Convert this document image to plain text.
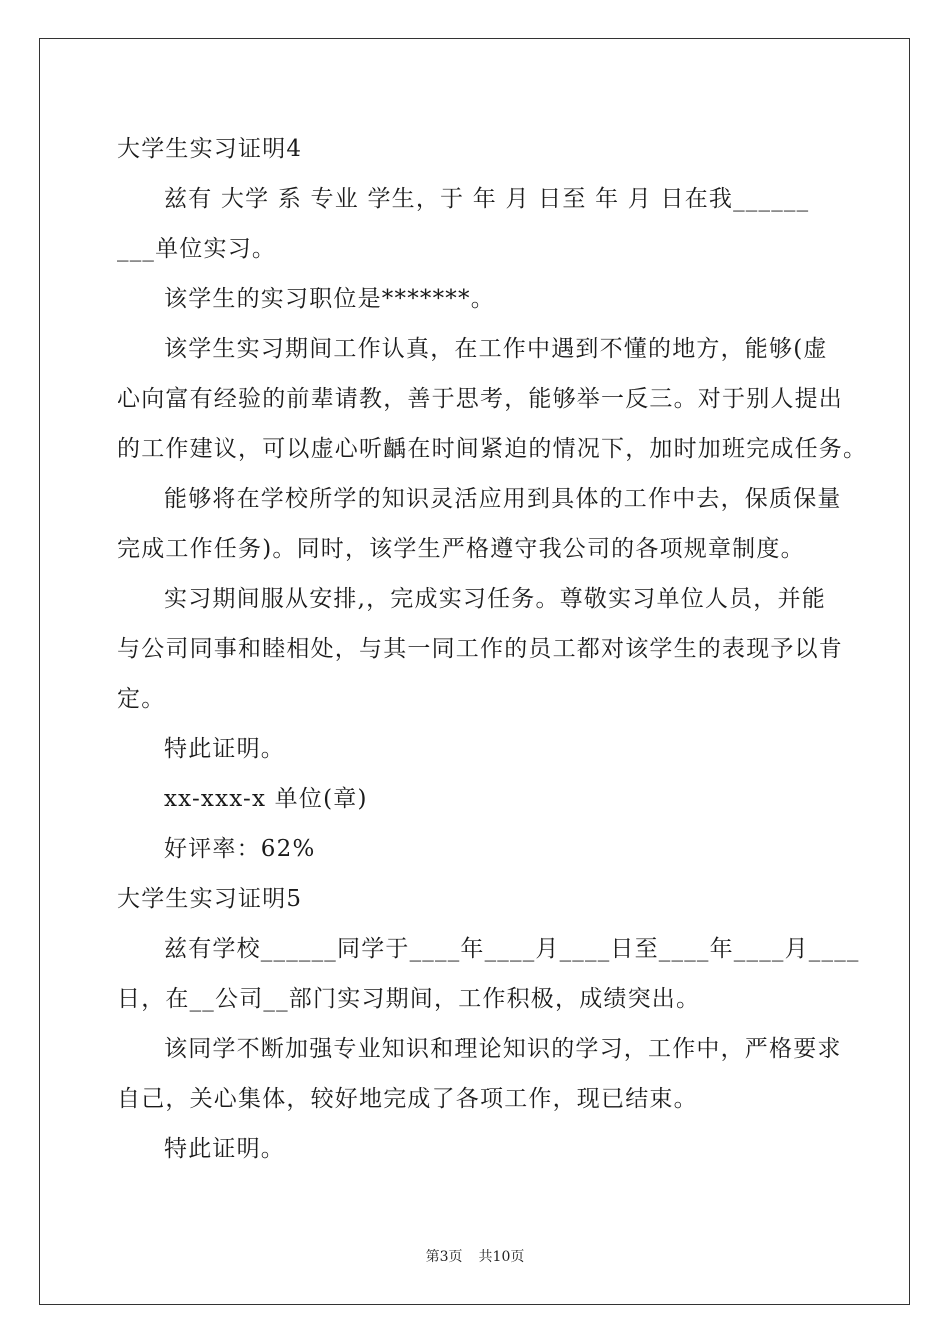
大学生实习证明4

兹有 大学 系 专业 学生，于 年 月 日至 年 月 日在我______

___单位实习。

该学生的实习职位是*******。

该学生实习期间工作认真，在工作中遇到不懂的地方，能够(虚

心向富有经验的前辈请教，善于思考，能够举一反三。对于别人提出

的工作建议，可以虚心听齲在时间紧迫的情况下，加时加班完成任务。

能够将在学校所学的知识灵活应用到具体的工作中去，保质保量

完成工作任务)。同时，该学生严格遵守我公司的各项规章制度。

实习期间服从安排,，完成实习任务。尊敬实习单位人员，并能

与公司同事和睦相处，与其一同工作的员工都对该学生的表现予以肯

定。

特此证明。

xx-xxx-x 单位(章)

好评率：62%

大学生实习证明5

兹有学校______同学于____年____月____日至____年____月____

日，在__公司__部门实习期间，工作积极，成绩突出。

该同学不断加强专业知识和理论知识的学习，工作中，严格要求

自己，关心集体，较好地完成了各项工作，现已结束。

特此证明。

第3页 共10页
